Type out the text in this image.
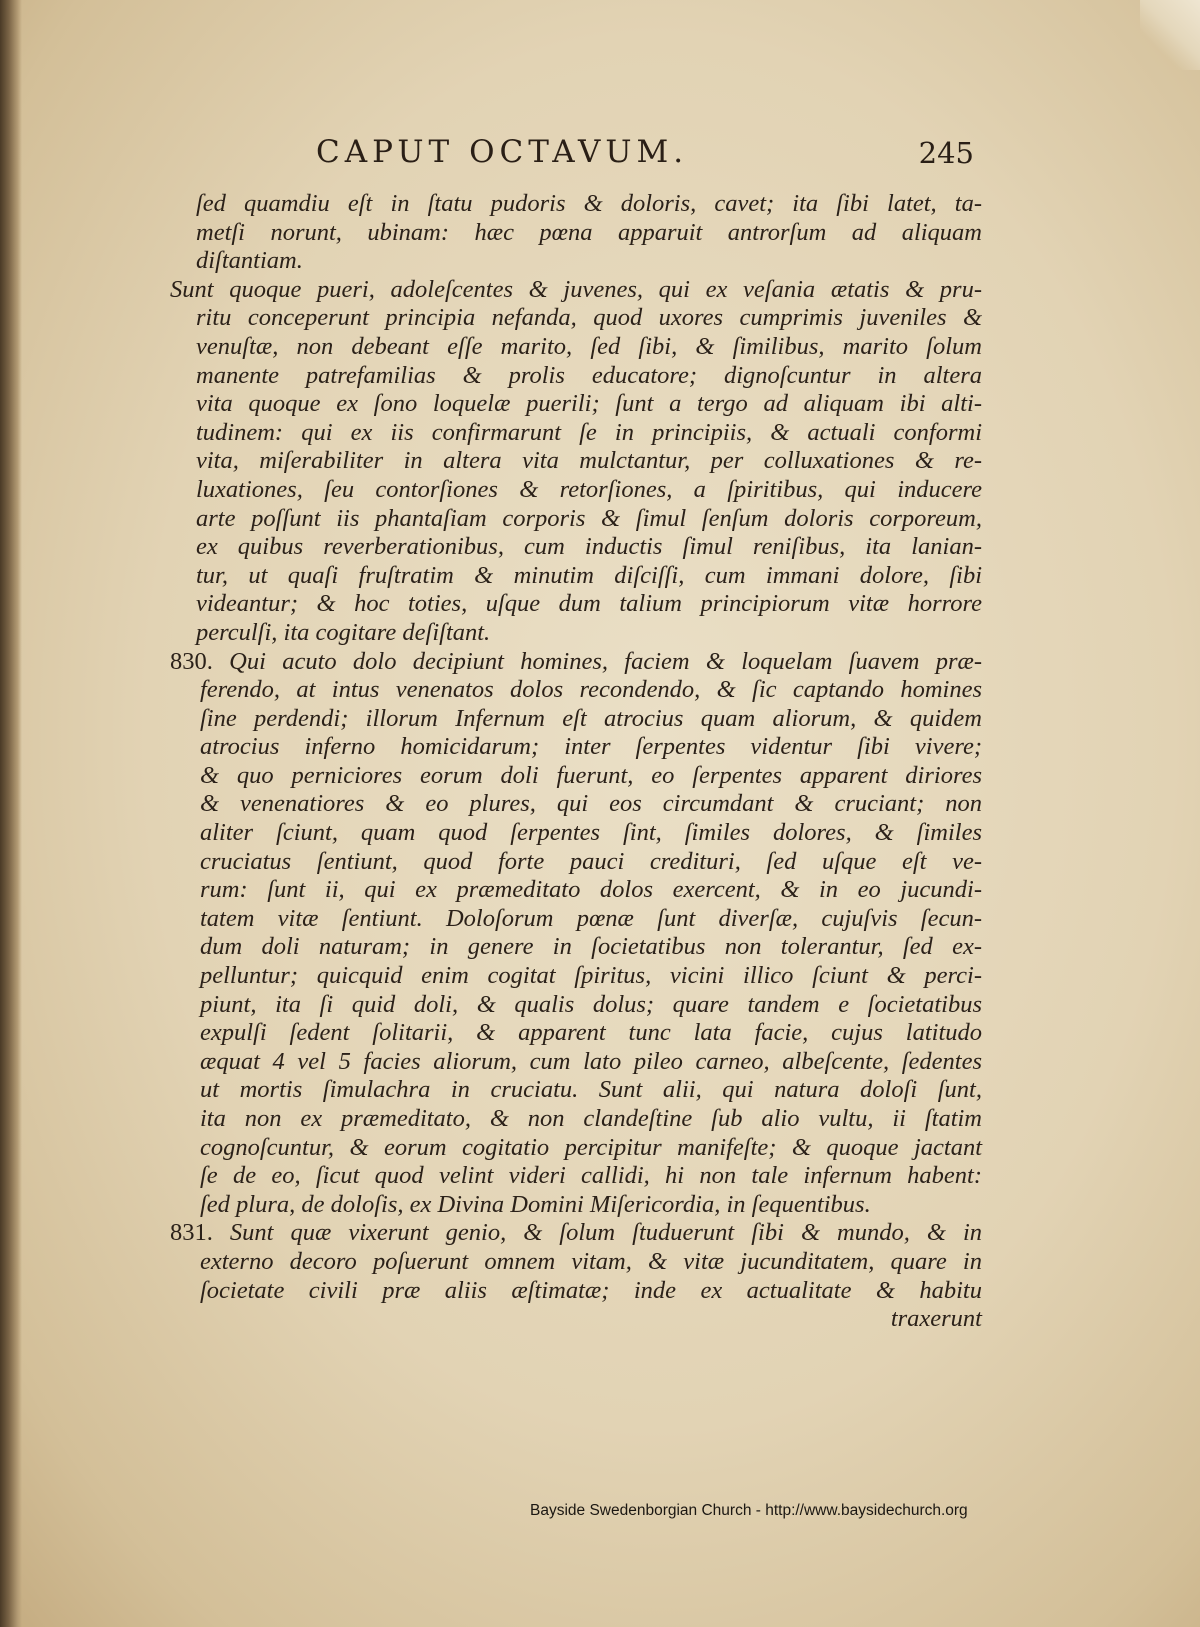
CAPUT OCTAVUM.	245
ſed quamdiu eſt in ſtatu pudoris & doloris, cavet; ita ſibi latet, ta-
metſi norunt, ubinam: hæc pœna apparuit antrorſum ad aliquam
diſtantiam.
Sunt quoque pueri, adoleſcentes & juvenes, qui ex veſania ætatis & pru-
ritu conceperunt principia nefanda, quod uxores cumprimis juveniles &
venuſtæ, non debeant eſſe marito, ſed ſibi, & ſimilibus, marito ſolum
manente patrefamilias & prolis educatore; dignoſcuntur in altera
vita quoque ex ſono loquelæ puerili; ſunt a tergo ad aliquam ibi alti-
tudinem: qui ex iis confirmarunt ſe in principiis, & actuali conformi
vita, miſerabiliter in altera vita mulctantur, per colluxationes & re-
luxationes, ſeu contorſiones & retorſiones, a ſpiritibus, qui inducere
arte poſſunt iis phantaſiam corporis & ſimul ſenſum doloris corporeum,
ex quibus reverberationibus, cum inductis ſimul reniſibus, ita lanian-
tur, ut quaſi fruſtratim & minutim diſciſſi, cum immani dolore, ſibi
videantur; & hoc toties, uſque dum talium principiorum vitæ horrore
perculſi, ita cogitare deſiſtant.
830. Qui acuto dolo decipiunt homines, faciem & loquelam ſuavem præ-
ferendo, at intus venenatos dolos recondendo, & ſic captando homines
ſine perdendi; illorum Infernum eſt atrocius quam aliorum, & quidem
atrocius inferno homicidarum; inter ſerpentes videntur ſibi vivere;
& quo perniciores eorum doli fuerunt, eo ſerpentes apparent diriores
& venenatiores & eo plures, qui eos circumdant & cruciant; non
aliter ſciunt, quam quod ſerpentes ſint, ſimiles dolores, & ſimiles
cruciatus ſentiunt, quod forte pauci credituri, ſed uſque eſt ve-
rum: ſunt ii, qui ex præmeditato dolos exercent, & in eo jucundi-
tatem vitæ ſentiunt. Doloſorum pœnæ ſunt diverſæ, cujuſvis ſecun-
dum doli naturam; in genere in ſocietatibus non tolerantur, ſed ex-
pelluntur; quicquid enim cogitat ſpiritus, vicini illico ſciunt & perci-
piunt, ita ſi quid doli, & qualis dolus; quare tandem e ſocietatibus
expulſi ſedent ſolitarii, & apparent tunc lata facie, cujus latitudo
æquat 4 vel 5 facies aliorum, cum lato pileo carneo, albeſcente, ſedentes
ut mortis ſimulachra in cruciatu. Sunt alii, qui natura doloſi ſunt,
ita non ex præmeditato, & non clandeſtine ſub alio vultu, ii ſtatim
cognoſcuntur, & eorum cogitatio percipitur manifeſte; & quoque jactant
ſe de eo, ſicut quod velint videri callidi, hi non tale infernum habent:
ſed plura, de doloſis, ex Divina Domini Miſericordia, in ſequentibus.
831. Sunt quæ vixerunt genio, & ſolum ſtuduerunt ſibi & mundo, & in
externo decoro poſuerunt omnem vitam, & vitæ jucunditatem, quare in
ſocietate civili præ aliis æſtimatæ; inde ex actualitate & habitu
traxerunt
Bayside Swedenborgian Church - http://www.baysidechurch.org
